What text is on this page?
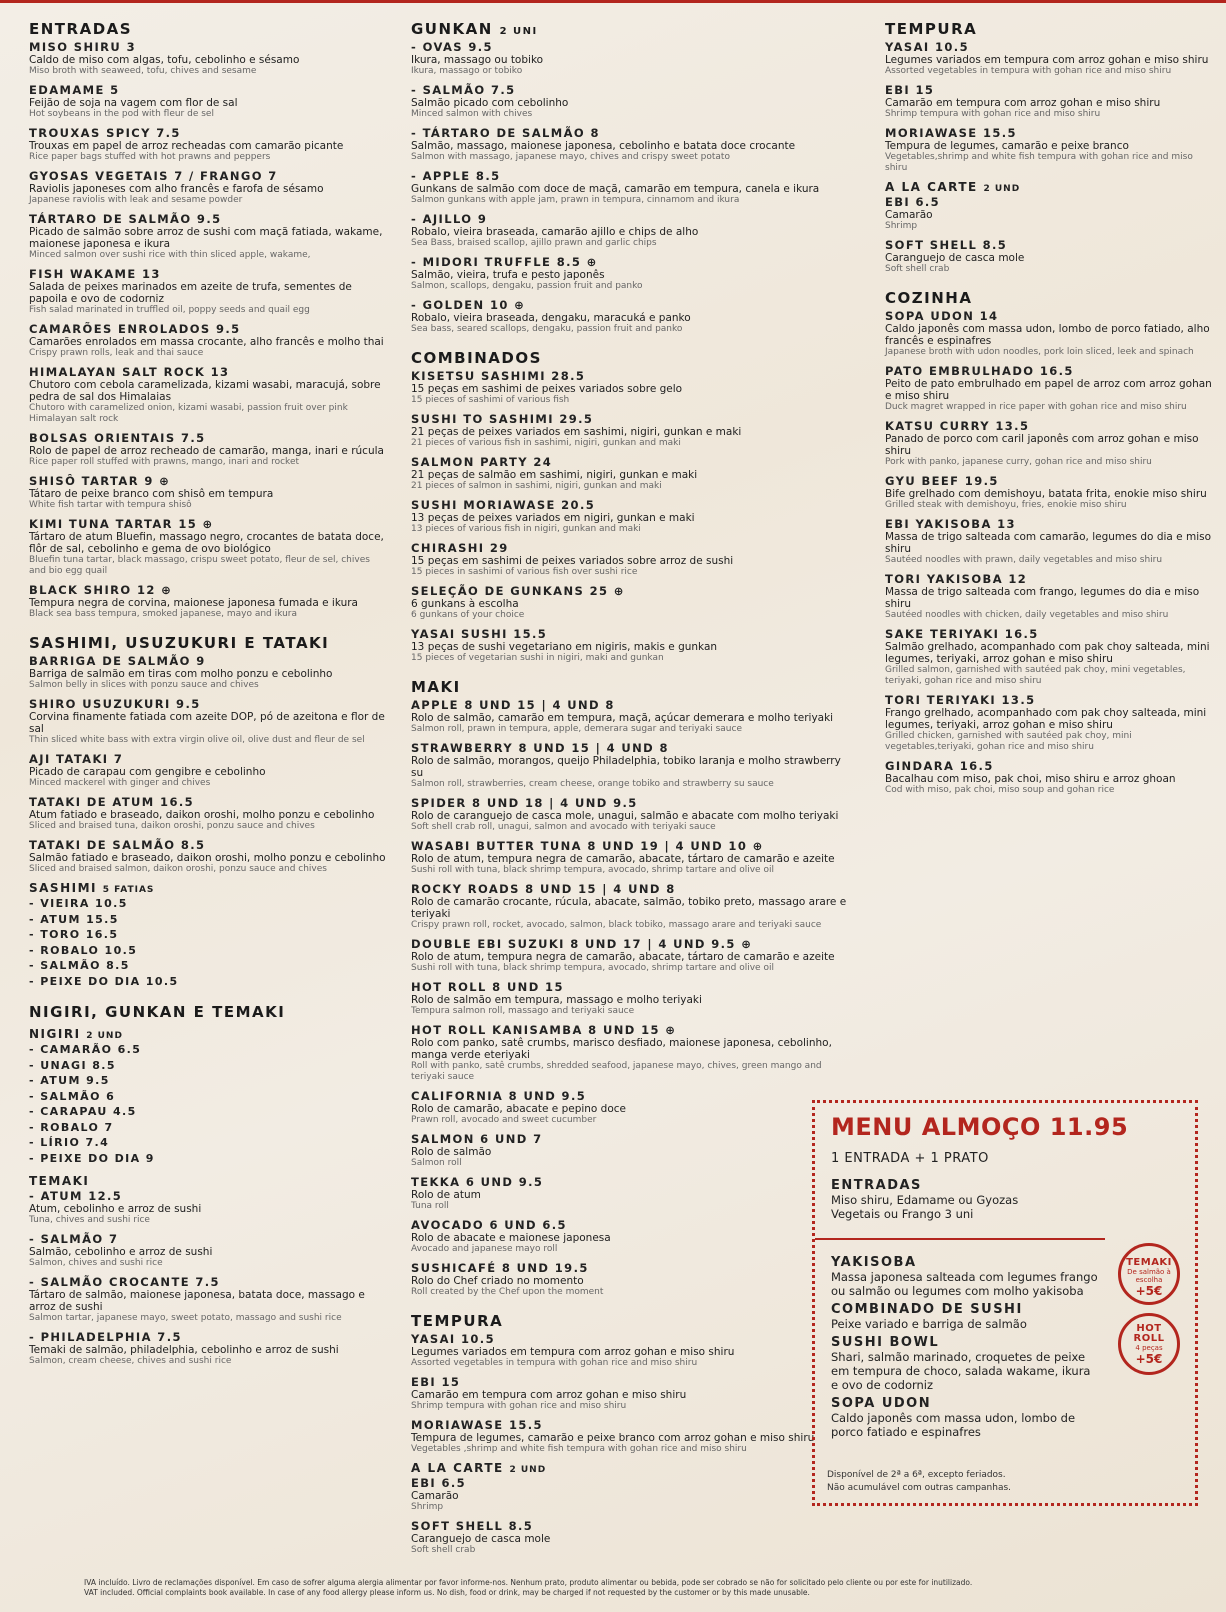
ENTRADAS
MISO SHIRU 3
Caldo de miso com algas, tofu, cebolinho e sésamo
Miso broth with seaweed, tofu, chives and sesame
EDAMAME 5
Feijão de soja na vagem com flor de sal
Hot soybeans in the pod with fleur de sel
TROUXAS SPICY 7.5
Trouxas em papel de arroz recheadas com camarão picante
Rice paper bags stuffed with hot prawns and peppers
GYOSAS VEGETAIS 7 / FRANGO 7
Raviolis japoneses com alho francês e farofa de sésamo
Japanese raviolis with leak and sesame powder
TÁRTARO DE SALMÃO 9.5
Picado de salmão sobre arroz de sushi com maçã fatiada, wakame, maionese japonesa e ikura
Minced salmon over sushi rice with thin sliced apple, wakame,
FISH WAKAME 13
Salada de peixes marinados em azeite de trufa, sementes de papoila e ovo de codorniz
Fish salad marinated in truffled oil, poppy seeds and quail egg
CAMARÕES ENROLADOS 9.5
Camarões enrolados em massa crocante, alho francês e molho thai
Crispy prawn rolls, leak and thai sauce
HIMALAYAN SALT ROCK 13
Chutoro com cebola caramelizada, kizami wasabi, maracujá, sobre pedra de sal dos Himalaias
Chutoro with caramelized onion, kizami wasabi, passion fruit over pink Himalayan salt rock
BOLSAS ORIENTAIS 7.5
Rolo de papel de arroz recheado de camarão, manga, inari e rúcula
Rice paper roll stuffed with prawns, mango, inari and rocket
SHISÔ TARTAR 9 ⊕
Tátaro de peixe branco com shisô em tempura
White fish tartar with tempura shisô
KIMI TUNA TARTAR 15 ⊕
Tártaro de atum Bluefin, massago negro, crocantes de batata doce, flôr de sal, cebolinho e gema de ovo biológico
Bluefin tuna tartar, black massago, crispu sweet potato, fleur de sel, chives and bio egg quail
BLACK SHIRO 12 ⊕
Tempura negra de corvina, maionese japonesa fumada e ikura
Black sea bass tempura, smoked japanese, mayo and ikura
SASHIMI, USUZUKURI E TATAKI
BARRIGA DE SALMÃO 9
Barriga de salmão em tiras com molho ponzu e cebolinho
Salmon belly in slices with ponzu sauce and chives
SHIRO USUZUKURI 9.5
Corvina finamente fatiada com azeite DOP, pó de azeitona e flor de sal
Thin sliced white bass with extra virgin olive oil, olive dust and fleur de sel
AJI TATAKI 7
Picado de carapau com gengibre e cebolinho
Minced mackerel with ginger and chives
TATAKI DE ATUM 16.5
Atum fatiado e braseado, daikon oroshi, molho ponzu e cebolinho
Sliced and braised tuna, daikon oroshi, ponzu sauce and chives
TATAKI DE SALMÃO 8.5
Salmão fatiado e braseado, daikon oroshi, molho ponzu e cebolinho
Sliced and braised salmon, daikon oroshi, ponzu sauce and chives
SASHIMI 5 FATIAS
- VIEIRA 10.5
- ATUM 15.5
- TORO 16.5
- ROBALO 10.5
- SALMÃO 8.5
- PEIXE DO DIA 10.5
NIGIRI, GUNKAN E TEMAKI
NIGIRI 2 UND
- CAMARÃO 6.5
- UNAGI 8.5
- ATUM 9.5
- SALMÃO 6
- CARAPAU 4.5
- ROBALO 7
- LÍRIO 7.4
- PEIXE DO DIA 9
TEMAKI
- ATUM 12.5
Atum, cebolinho e arroz de sushi
Tuna, chives and sushi rice
- SALMÃO 7
Salmão, cebolinho e arroz de sushi
Salmon, chives and sushi rice
- SALMÃO CROCANTE 7.5
Tártaro de salmão, maionese japonesa, batata doce, massago e arroz de sushi
Salmon tartar, japanese mayo, sweet potato, massago and sushi rice
- PHILADELPHIA 7.5
Temaki de salmão, philadelphia, cebolinho e arroz de sushi
Salmon, cream cheese, chives and sushi rice
GUNKAN 2 UNI
- OVAS 9.5
Ikura, massago ou tobiko
Ikura, massago or tobiko
- SALMÃO 7.5
Salmão picado com cebolinho
Minced salmon with chives
- TÁRTARO DE SALMÃO 8
Salmão, massago, maionese japonesa, cebolinho e batata doce crocante
Salmon with massago, japanese mayo, chives and crispy sweet potato
- APPLE 8.5
Gunkans de salmão com doce de maçã, camarão em tempura, canela e ikura
Salmon gunkans with apple jam, prawn in tempura, cinnamom and ikura
- AJILLO 9
Robalo, vieira braseada, camarão ajillo e chips de alho
Sea Bass, braised scallop, ajillo prawn and garlic chips
- MIDORI TRUFFLE 8.5 ⊕
Salmão, vieira, trufa e pesto japonês
Salmon, scallops, dengaku, passion fruit and panko
- GOLDEN 10 ⊕
Robalo, vieira braseada, dengaku, maracuká e panko
Sea bass, seared scallops, dengaku, passion fruit and panko
COMBINADOS
KISETSU SASHIMI 28.5
15 peças em sashimi de peixes variados sobre gelo
15 pieces of sashimi of various fish
SUSHI TO SASHIMI 29.5
21 peças de peixes variados em sashimi, nigiri, gunkan e maki
21 pieces of various fish in sashimi, nigiri, gunkan and maki
SALMON PARTY 24
21 peças de salmão em sashimi, nigiri, gunkan e maki
21 pieces of salmon in sashimi, nigiri, gunkan and maki
SUSHI MORIAWASE 20.5
13 peças de peixes variados em nigiri, gunkan e maki
13 pieces of various fish in nigiri, gunkan and maki
CHIRASHI 29
15 peças em sashimi de peixes variados sobre arroz de sushi
15 pieces in sashimi of various fish over sushi rice
SELEÇÃO DE GUNKANS 25 ⊕
6 gunkans à escolha
6 gunkans of your choice
YASAI SUSHI 15.5
13 peças de sushi vegetariano em nigiris, makis e gunkan
15 pieces of vegetarian sushi in nigiri, maki and gunkan
MAKI
APPLE 8 UND 15 | 4 UND 8
Rolo de salmão, camarão em tempura, maçã, açúcar demerara e molho teriyaki
Salmon roll, prawn in tempura, apple, demerara sugar and teriyaki sauce
STRAWBERRY 8 UND 15 | 4 UND 8
Rolo de salmão, morangos, queijo Philadelphia, tobiko laranja e molho strawberry su
Salmon roll, strawberries, cream cheese, orange tobiko and strawberry su sauce
SPIDER 8 UND 18 | 4 UND 9.5
Rolo de caranguejo de casca mole, unagui, salmão e abacate com molho teriyaki
Soft shell crab roll, unagui, salmon and avocado with teriyaki sauce
WASABI BUTTER TUNA 8 UND 19 | 4 UND 10 ⊕
Rolo de atum, tempura negra de camarão, abacate, tártaro de camarão e azeite
Sushi roll with tuna, black shrimp tempura, avocado, shrimp tartare and olive oil
ROCKY ROADS 8 UND 15 | 4 UND 8
Rolo de camarão crocante, rúcula, abacate, salmão, tobiko preto, massago arare e teriyaki
Crispy prawn roll, rocket, avocado, salmon, black tobiko, massago arare and teriyaki sauce
DOUBLE EBI SUZUKI 8 UND 17 | 4 UND 9.5 ⊕
Rolo de atum, tempura negra de camarão, abacate, tártaro de camarão e azeite
Sushi roll with tuna, black shrimp tempura, avocado, shrimp tartare and olive oil
HOT ROLL 8 UND 15
Rolo de salmão em tempura, massago e molho teriyaki
Tempura salmon roll, massago and teriyaki sauce
HOT ROLL KANISAMBA 8 UND 15 ⊕
Rolo com panko, satê crumbs, marisco desfiado, maionese japonesa, cebolinho, manga verde eteriyaki
Roll with panko, satê crumbs, shredded seafood, japanese mayo, chives, green mango and teriyaki sauce
CALIFORNIA 8 UND 9.5
Rolo de camarão, abacate e pepino doce
Prawn roll, avocado and sweet cucumber
SALMON 6 UND 7
Rolo de salmão
Salmon roll
TEKKA 6 UND 9.5
Rolo de atum
Tuna roll
AVOCADO 6 UND 6.5
Rolo de abacate e maionese japonesa
Avocado and japanese mayo roll
SUSHICAFÉ 8 UND 19.5
Rolo do Chef criado no momento
Roll created by the Chef upon the moment
TEMPURA
YASAI 10.5
Legumes variados em tempura com arroz gohan e miso shiru
Assorted vegetables in tempura with gohan rice and miso shiru
EBI 15
Camarão em tempura com arroz gohan e miso shiru
Shrimp tempura with gohan rice and miso shiru
MORIAWASE 15.5
Tempura de legumes, camarão e peixe branco com arroz gohan e miso shiru
Vegetables ,shrimp and white fish tempura with gohan rice and miso shiru
A LA CARTE 2 UND
EBI 6.5
Camarão
Shrimp
SOFT SHELL 8.5
Caranguejo de casca mole
Soft shell crab
TEMPURA
YASAI 10.5
Legumes variados em tempura com arroz gohan e miso shiru
Assorted vegetables in tempura with gohan rice and miso shiru
EBI 15
Camarão em tempura com arroz gohan e miso shiru
Shrimp tempura with gohan rice and miso shiru
MORIAWASE 15.5
Tempura de legumes, camarão e peixe branco
Vegetables,shrimp and white fish tempura with gohan rice and miso shiru
A LA CARTE 2 UND
EBI 6.5
Camarão
Shrimp
SOFT SHELL 8.5
Caranguejo de casca mole
Soft shell crab
COZINHA
SOPA UDON 14
Caldo japonês com massa udon, lombo de porco fatiado, alho francês e espinafres
Japanese broth with udon noodles, pork loin sliced, leek and spinach
PATO EMBRULHADO 16.5
Peito de pato embrulhado em papel de arroz com arroz gohan e miso shiru
Duck magret wrapped in rice paper with gohan rice and miso shiru
KATSU CURRY 13.5
Panado de porco com caril japonês com arroz gohan e miso shiru
Pork with panko, japanese curry, gohan rice and miso shiru
GYU BEEF 19.5
Bife grelhado com demishoyu, batata frita, enokie miso shiru
Grilled steak with demishoyu, fries, enokie miso shiru
EBI YAKISOBA 13
Massa de trigo salteada com camarão, legumes do dia e miso shiru
Sautéed noodles with prawn, daily vegetables and miso shiru
TORI YAKISOBA 12
Massa de trigo salteada com frango, legumes do dia e miso shiru
Sautéed noodles with chicken, daily vegetables and miso shiru
SAKE TERIYAKI 16.5
Salmão grelhado, acompanhado com pak choy salteada, mini legumes, teriyaki, arroz gohan e miso shiru
Grilled salmon, garnished with sautéed pak choy, mini vegetables, teriyaki, gohan rice and miso shiru
TORI TERIYAKI 13.5
Frango grelhado, acompanhado com pak choy salteada, mini legumes, teriyaki, arroz gohan e miso shiru
Grilled chicken, garnished with sautéed pak choy, mini vegetables,teriyaki, gohan rice and miso shiru
GINDARA 16.5
Bacalhau com miso, pak choi, miso shiru e arroz ghoan
Cod with miso, pak choi, miso soup and gohan rice
MENU ALMOÇO 11.95
1 ENTRADA + 1 PRATO
ENTRADAS
Miso shiru, Edamame ou Gyozas Vegetais ou Frango 3 uni
YAKISOBA
Massa japonesa salteada com legumes frango ou salmão ou legumes com molho yakisoba
COMBINADO DE SUSHI
Peixe variado e barriga de salmão
SUSHI BOWL
Shari, salmão marinado, croquetes de peixe em tempura de choco, salada wakame, ikura e ovo de codorniz
SOPA UDON
Caldo japonês com massa udon, lombo de porco fatiado e espinafres
TEMAKI
De salmão à escolha
+5€
HOT ROLL
4 peças
+5€
Disponível de 2ª a 6ª, excepto feriados.
Não acumulável com outras campanhas.
IVA incluído. Livro de reclamações disponível. Em caso de sofrer alguma alergia alimentar por favor informe-nos. Nenhum prato, produto alimentar ou bebida, pode ser cobrado se não for solicitado pelo cliente ou por este for inutilizado.
VAT included. Official complaints book available. In case of any food allergy please inform us. No dish, food or drink, may be charged if not requested by the customer or by this made unusable.
